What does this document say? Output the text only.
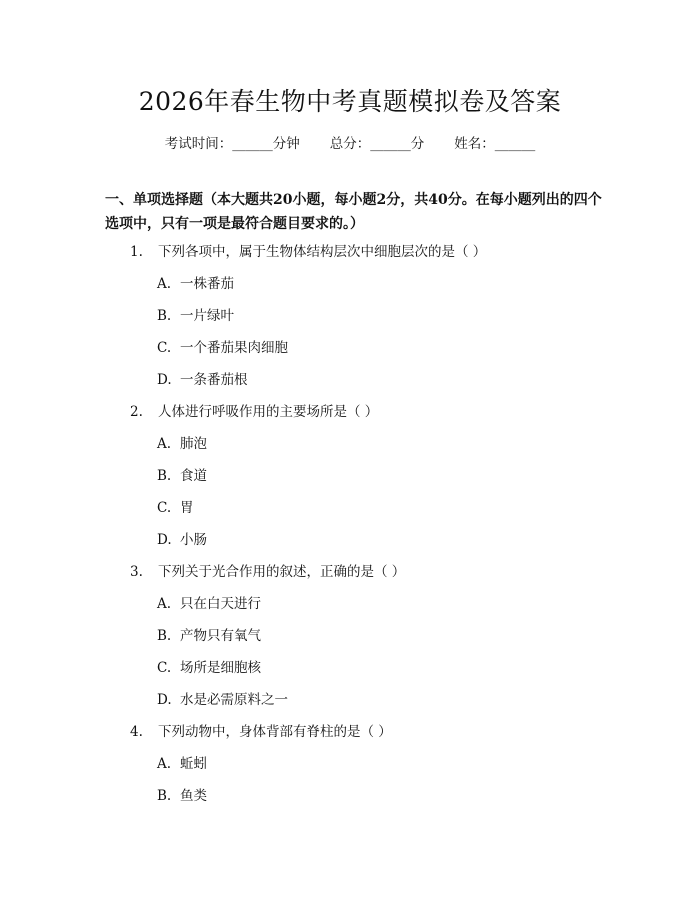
2026年春生物中考真题模拟卷及答案
考试时间：______分钟 总分：______分 姓名：______
一、单项选择题（本大题共20小题，每小题2分，共40分。在每小题列出的四个选项中，只有一项是最符合题目要求的。）
1.	下列各项中，属于生物体结构层次中细胞层次的是（ ）
A. 一株番茄
B. 一片绿叶
C. 一个番茄果肉细胞
D. 一条番茄根
2.	人体进行呼吸作用的主要场所是（ ）
A. 肺泡
B. 食道
C. 胃
D. 小肠
3.	下列关于光合作用的叙述，正确的是（ ）
A. 只在白天进行
B. 产物只有氧气
C. 场所是细胞核
D. 水是必需原料之一
4.	下列动物中，身体背部有脊柱的是（ ）
A. 蚯蚓
B. 鱼类
